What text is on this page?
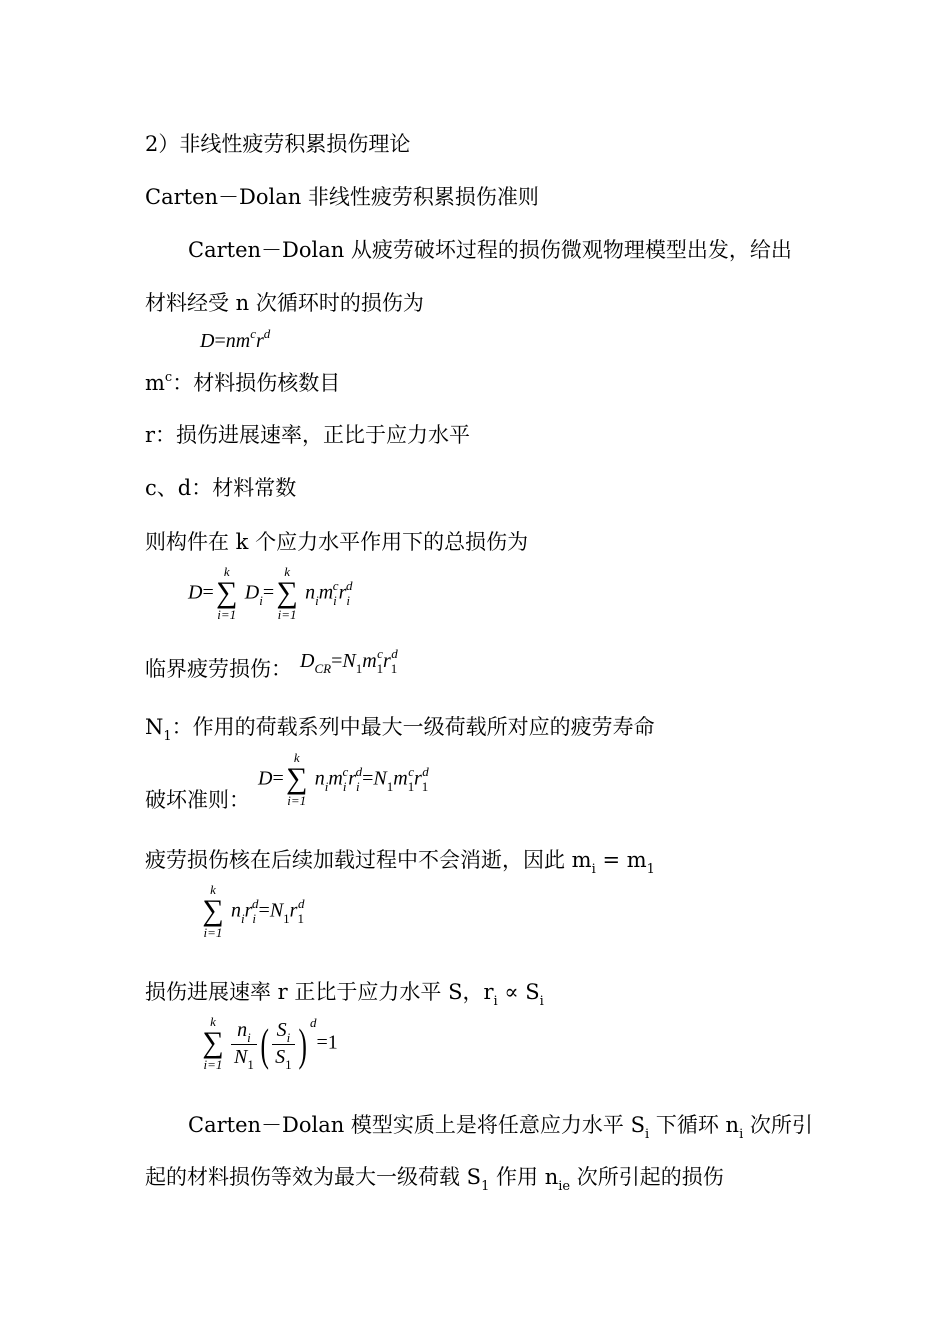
2）非线性疲劳积累损伤理论
Carten－Dolan 非线性疲劳积累损伤准则
Carten－Dolan 从疲劳破坏过程的损伤微观物理模型出发，给出
材料经受 n 次循环时的损伤为
$D=nm^cr^d$
$m^c$：材料损伤核数目
r：损伤进展速率，正比于应力水平
c、d：材料常数
则构件在 k 个应力水平作用下的总损伤为
D=
k
∑
i=1
$D_i=$
k
∑
i=1
$n_im_i^cr_i^d$
临界疲劳损伤： $D_{CR}=N_1m_1^cr_1^d$
$N_1$：作用的荷载系列中最大一级荷载所对应的疲劳寿命
破坏准则：
D=
k
∑
i=1
$n_im_i^cr_i^d=N_1m_1^cr_1^d$
疲劳损伤核在后续加载过程中不会消逝，因此 $m_i = m_1$
k
∑
i=1
$n_ir_i^d=N_1r_1^d$
损伤进展速率 r 正比于应力水平 S，$r_i \propto S_i$
k
∑
i=1
$\frac{n_i}{N_1}$ ( $\frac{S_i}{S_1}$ ) $^d$=1
Carten－Dolan 模型实质上是将任意应力水平 $S_i$ 下循环 $n_i$ 次所引
起的材料损伤等效为最大一级荷载 $S_1$ 作用 $n_{ie}$ 次所引起的损伤
